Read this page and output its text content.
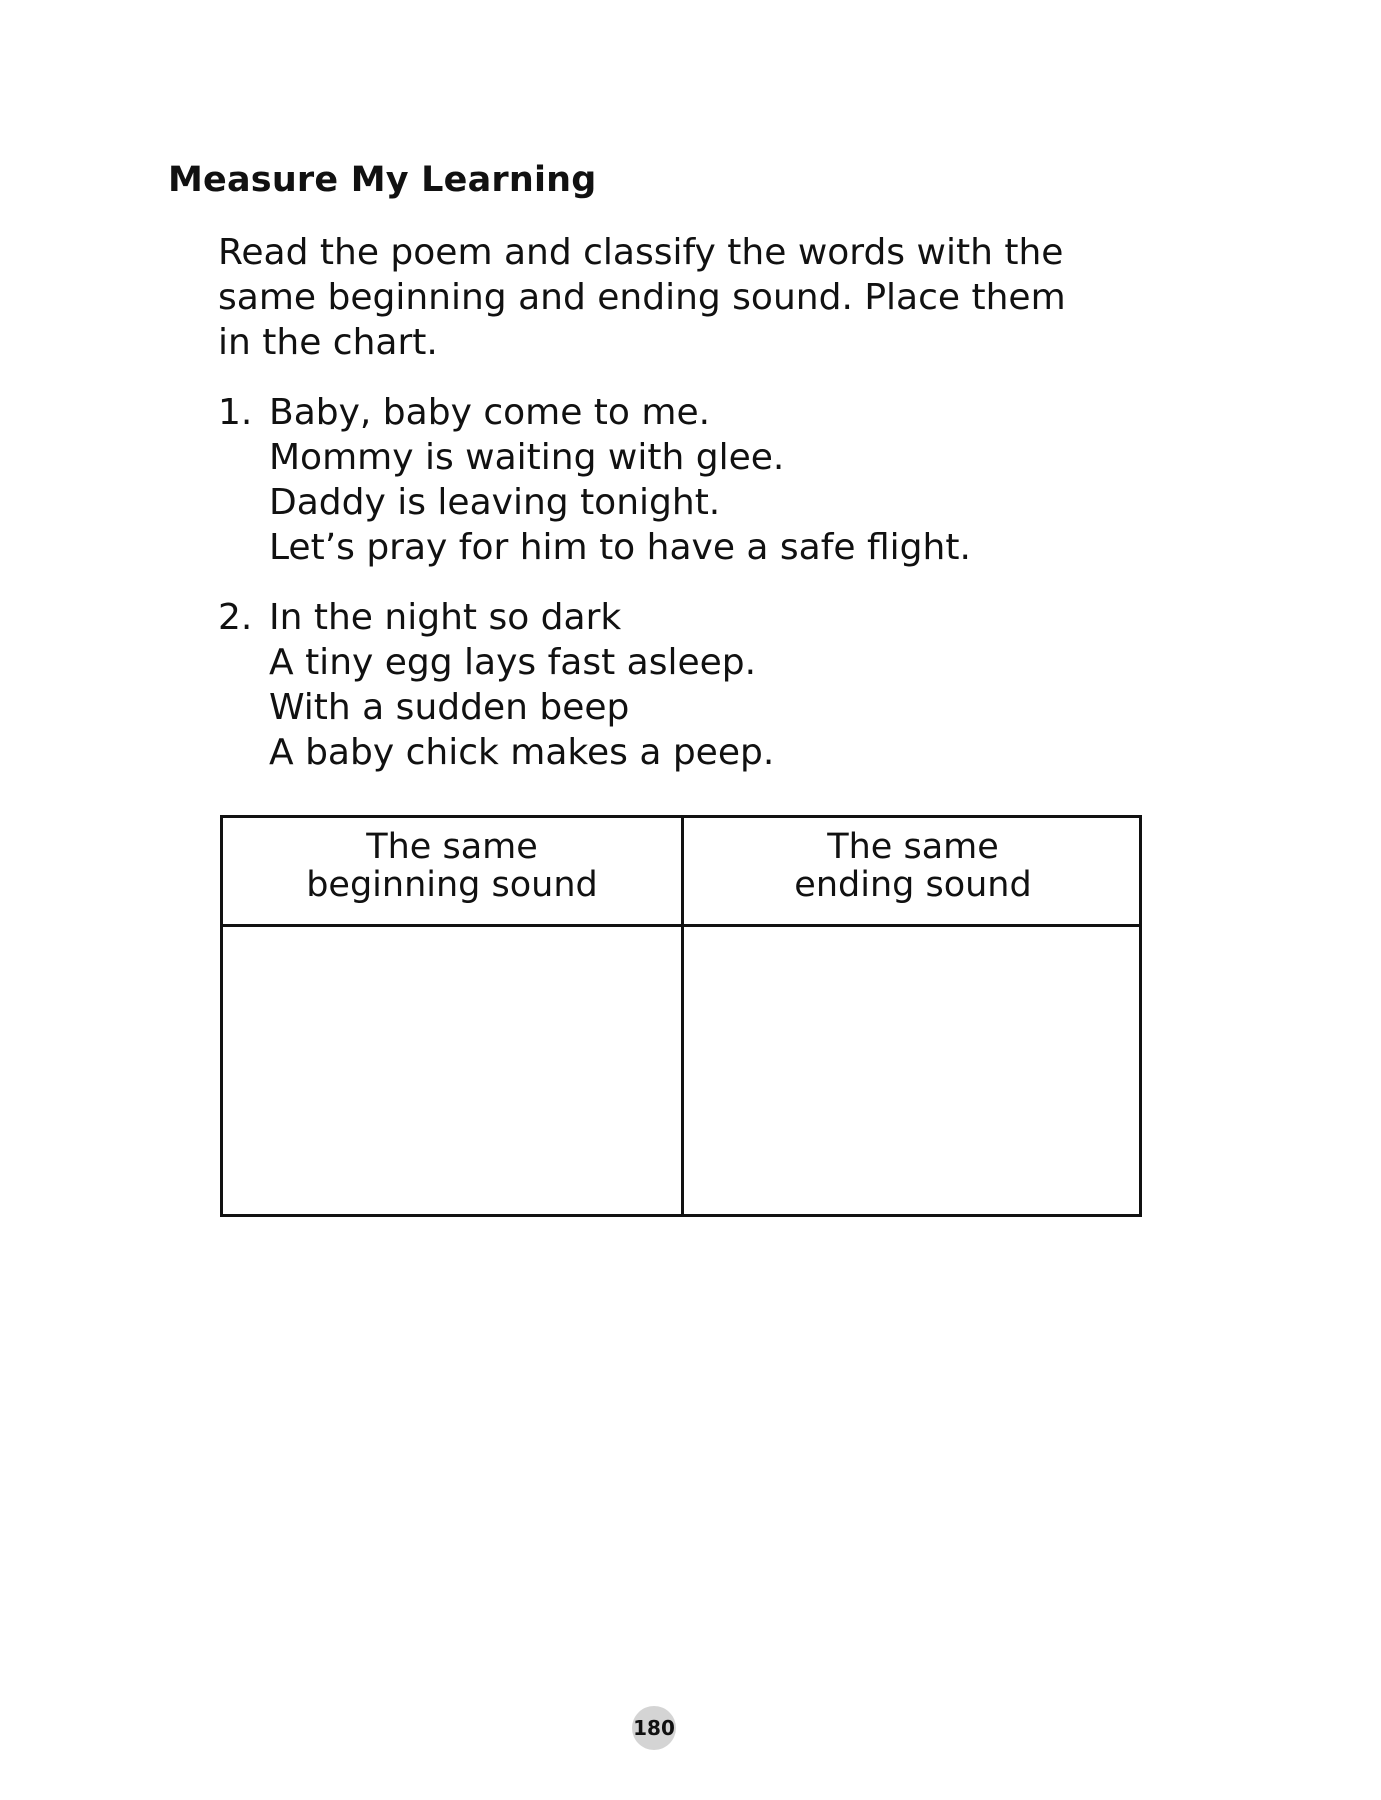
Measure My Learning
Read the poem and classify the words with the
same beginning and ending sound. Place them
in the chart.
1. Baby, baby come to me.
Mommy is waiting with glee.
Daddy is leaving tonight.
Let’s pray for him to have a safe flight.
2. In the night so dark
A tiny egg lays fast asleep.
With a sudden beep
A baby chick makes a peep.
The same
beginning sound
The same
ending sound
180
